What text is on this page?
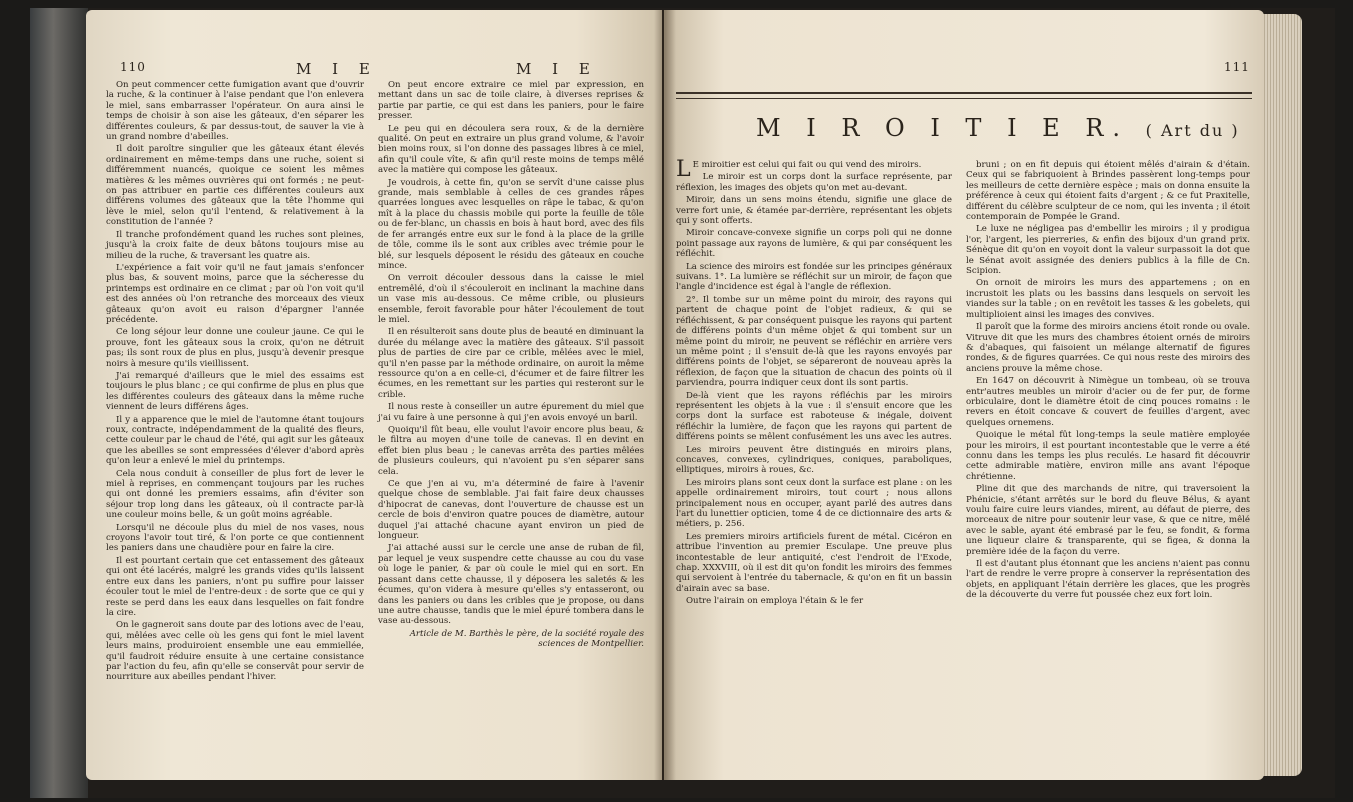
110	M I E	M I E

On peut commencer cette fumigation avant que d'ouvrir la ruche, & la continuer à l'aise pendant que l'on enlevera le miel, sans embarrasser l'opérateur. On aura ainsi le temps de choisir à son aise les gâteaux, d'en séparer les différentes couleurs, & par dessus-tout, de sauver la vie à un grand nombre d'abeilles.

Il doit paroître singulier que les gâteaux étant élevés ordinairement en même-temps dans une ruche, soient si différemment nuancés, quoique ce soient les mêmes matières & les mêmes ouvrières qui ont formés ; ne peut-on pas attribuer en partie ces différentes couleurs aux différens volumes des gâteaux que la tête l'homme qui lève le miel, selon qu'il l'entend, & relativement à la constitution de l'année ?

Il tranche profondément quand les ruches sont pleines, jusqu'à la croix faite de deux bâtons toujours mise au milieu de la ruche, & traversant les quatre ais.

L'expérience a fait voir qu'il ne faut jamais s'enfoncer plus bas, & souvent moins, parce que la sécheresse du printemps est ordinaire en ce climat ; par où l'on voit qu'il est des années où l'on retranche des morceaux des vieux gâteaux qu'on avoit eu raison d'épargner l'année précédente.

Ce long séjour leur donne une couleur jaune. Ce qui le prouve, font les gâteaux sous la croix, qu'on ne détruit pas; ils sont roux de plus en plus, jusqu'à devenir presque noirs à mesure qu'ils vieillissent.

J'ai remarqué d'ailleurs que le miel des essaims est toujours le plus blanc ; ce qui confirme de plus en plus que les différentes couleurs des gâteaux dans la même ruche viennent de leurs différens âges.

Il y a apparence que le miel de l'automne étant toujours roux, contracte, indépendamment de la qualité des fleurs, cette couleur par le chaud de l'été, qui agit sur les gâteaux que les abeilles se sont empressées d'élever d'abord après qu'on leur a enlevé le miel du printemps.

Cela nous conduit à conseiller de plus fort de lever le miel à reprises, en commençant toujours par les ruches qui ont donné les premiers essaims, afin d'éviter son séjour trop long dans les gâteaux, où il contracte par-là une couleur moins belle, & un goût moins agréable.

Lorsqu'il ne découle plus du miel de nos vases, nous croyons l'avoir tout tiré, & l'on porte ce que contiennent les paniers dans une chaudière pour en faire la cire.

Il est pourtant certain que cet entassement des gâteaux qui ont été lacérés, malgré les grands vides qu'ils laissent entre eux dans les paniers, n'ont pu suffire pour laisser écouler tout le miel de l'entre-deux : de sorte que ce qui y reste se perd dans les eaux dans lesquelles on fait fondre la cire.

On le gagneroit sans doute par des lotions avec de l'eau, qui, mêlées avec celle où les gens qui font le miel lavent leurs mains, produiroient ensemble une eau emmiellée, qu'il faudroit réduire ensuite à une certaine consistance par l'action du feu, afin qu'elle se conservât pour servir de nourriture aux abeilles pendant l'hiver.

On peut encore extraire ce miel par expression, en mettant dans un sac de toile claire, à diverses reprises & partie par partie, ce qui est dans les paniers, pour le faire presser.

Le peu qui en découlera sera roux, & de la dernière qualité. On peut en extraire un plus grand volume, & l'avoir bien moins roux, si l'on donne des passages libres à ce miel, afin qu'il coule vîte, & afin qu'il reste moins de temps mêlé avec la matière qui compose les gâteaux.

Je voudrois, à cette fin, qu'on se servît d'une caisse plus grande, mais semblable à celles de ces grandes râpes quarrées longues avec lesquelles on râpe le tabac, & qu'on mît à la place du chassis mobile qui porte la feuille de tôle ou de fer-blanc, un chassis en bois à haut bord, avec des fils de fer arrangés entre eux sur le fond à la place de la grille de tôle, comme ils le sont aux cribles avec trémie pour le blé, sur lesquels déposent le résidu des gâteaux en couche mince.

On verroit découler dessous dans la caisse le miel entremêlé, d'où il s'écouleroit en inclinant la machine dans un vase mis au-dessous. Ce même crible, ou plusieurs ensemble, feroit favorable pour hâter l'écoulement de tout le miel.

Il en résulteroit sans doute plus de beauté en diminuant la durée du mélange avec la matière des gâteaux. S'il passoit plus de parties de cire par ce crible, mêlées avec le miel, qu'il n'en passe par la méthode ordinaire, on auroit la même ressource qu'on a en celle-ci, d'écumer et de faire filtrer les écumes, en les remettant sur les parties qui resteront sur le crible.

Il nous reste à conseiller un autre épurement du miel que j'ai vu faire à une personne à qui j'en avois envoyé un baril.

Quoiqu'il fût beau, elle voulut l'avoir encore plus beau, & le filtra au moyen d'une toile de canevas. Il en devint en effet bien plus beau ; le canevas arrêta des parties mêlées de plusieurs couleurs, qui n'avoient pu s'en séparer sans cela.

Ce que j'en ai vu, m'a déterminé de faire à l'avenir quelque chose de semblable. J'ai fait faire deux chausses d'hipocrat de canevas, dont l'ouverture de chausse est un cercle de bois d'environ quatre pouces de diamètre, autour duquel j'ai attaché chacune ayant environ un pied de longueur.

J'ai attaché aussi sur le cercle une anse de ruban de fil, par lequel je veux suspendre cette chausse au cou du vase où loge le panier, & par où coule le miel qui en sort. En passant dans cette chausse, il y déposera les saletés & les écumes, qu'on videra à mesure qu'elles s'y entasseront, ou dans les paniers ou dans les cribles que je propose, ou dans une autre chausse, tandis que le miel épuré tombera dans le vase au-dessous.

Article de M. Barthès le père, de la société royale des sciences de Montpellier.

111
M I R O I T I E R. ( Art du )

L E miroitier est celui qui fait ou qui vend des miroirs.

Le miroir est un corps dont la surface représente, par réflexion, les images des objets qu'on met au-devant.

Miroir, dans un sens moins étendu, signifie une glace de verre fort unie, & étamée par-derrière, représentant les objets qui y sont offerts.

Miroir concave-convexe signifie un corps poli qui ne donne point passage aux rayons de lumière, & qui par conséquent les réfléchit.

La science des miroirs est fondée sur les principes généraux suivans. 1°. La lumière se réfléchit sur un miroir, de façon que l'angle d'incidence est égal à l'angle de réflexion.

2°. Il tombe sur un même point du miroir, des rayons qui partent de chaque point de l'objet radieux, & qui se réfléchissent, & par conséquent puisque les rayons qui partent de différens points d'un même objet & qui tombent sur un même point du miroir, ne peuvent se réfléchir en arrière vers un même point ; il s'ensuit de-là que les rayons envoyés par différens points de l'objet, se sépareront de nouveau après la réflexion, de façon que la situation de chacun des points où il parviendra, pourra indiquer ceux dont ils sont partis.

De-là vient que les rayons réfléchis par les miroirs représentent les objets à la vue : il s'ensuit encore que les corps dont la surface est raboteuse & inégale, doivent réfléchir la lumière, de façon que les rayons qui partent de différens points se mêlent confusément les uns avec les autres.

Les miroirs peuvent être distingués en miroirs plans, concaves, convexes, cylindriques, coniques, paraboliques, elliptiques, miroirs à roues, &c.

Les miroirs plans sont ceux dont la surface est plane : on les appelle ordinairement miroirs, tout court ; nous allons principalement nous en occuper, ayant parlé des autres dans l'art du lunettier opticien, tome 4 de ce dictionnaire des arts & métiers, p. 256.

Les premiers miroirs artificiels furent de métal. Cicéron en attribue l'invention au premier Esculape. Une preuve plus incontestable de leur antiquité, c'est l'endroit de l'Exode, chap. XXXVIII, où il est dit qu'on fondit les miroirs des femmes qui servoient à l'entrée du tabernacle, & qu'on en fit un bassin d'airain avec sa base.

Outre l'airain on employa l'étain & le fer

bruni ; on en fit depuis qui étoient mêlés d'airain & d'étain. Ceux qui se fabriquoient à Brindes passèrent long-temps pour les meilleurs de cette dernière espèce ; mais on donna ensuite la préférence à ceux qui étoient faits d'argent ; & ce fut Praxitelle, différent du célèbre sculpteur de ce nom, qui les inventa ; il étoit contemporain de Pompée le Grand.

Le luxe ne négligea pas d'embellir les miroirs ; il y prodigua l'or, l'argent, les pierreries, & enfin des bijoux d'un grand prix. Sénèque dit qu'on en voyoit dont la valeur surpassoit la dot que le Sénat avoit assignée des deniers publics à la fille de Cn. Scipion.

On ornoit de miroirs les murs des appartemens ; on en incrustoit les plats ou les bassins dans lesquels on servoit les viandes sur la table ; on en revêtoit les tasses & les gobelets, qui multiplioient ainsi les images des convives.

Il paroît que la forme des miroirs anciens étoit ronde ou ovale. Vitruve dit que les murs des chambres étoient ornés de miroirs & d'abaques, qui faisoient un mélange alternatif de figures rondes, & de figures quarrées. Ce qui nous reste des miroirs des anciens prouve la même chose.

En 1647 on découvrit à Nimègue un tombeau, où se trouva entr'autres meubles un miroir d'acier ou de fer pur, de forme orbiculaire, dont le diamètre étoit de cinq pouces romains : le revers en étoit concave & couvert de feuilles d'argent, avec quelques ornemens.

Quoique le métal fût long-temps la seule matière employée pour les miroirs, il est pourtant incontestable que le verre a été connu dans les temps les plus reculés. Le hasard fit découvrir cette admirable matière, environ mille ans avant l'époque chrétienne.

Pline dit que des marchands de nitre, qui traversoient la Phénicie, s'étant arrêtés sur le bord du fleuve Bélus, & ayant voulu faire cuire leurs viandes, mirent, au défaut de pierre, des morceaux de nitre pour soutenir leur vase, & que ce nitre, mêlé avec le sable, ayant été embrasé par le feu, se fondit, & forma une liqueur claire & transparente, qui se figea, & donna la première idée de la façon du verre.

Il est d'autant plus étonnant que les anciens n'aient pas connu l'art de rendre le verre propre à conserver la représentation des objets, en appliquant l'étain derrière les glaces, que les progrès de la découverte du verre fut poussée chez eux fort loin.
